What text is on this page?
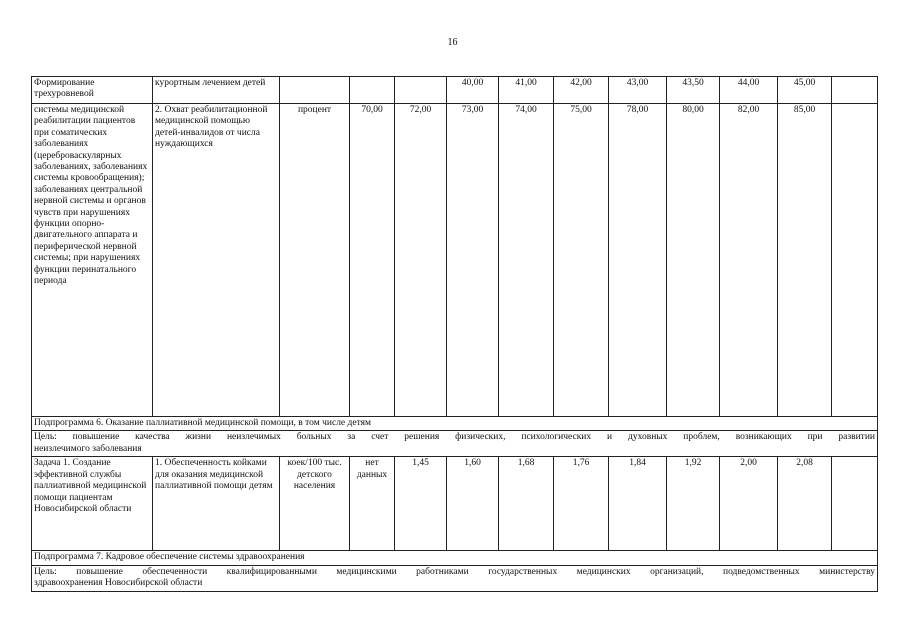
16
Формирование трехуровневой	курортным лечением детей				40,00	41,00	42,00	43,00	43,50	44,00	45,00	
системы медицинской реабилитации пациентов при соматических заболеваниях (цереброваскулярных заболеваниях, заболеваниях системы кровообращения); заболеваниях центральной нервной системы и органов чувств при нарушениях функции опорно-двигательного аппарата и периферической нервной системы; при нарушениях функции перинатального периода	2. Охват реабилитационной медицинской помощью детей-инвалидов от числа нуждающихся	процент	70,00	72,00	73,00	74,00	75,00	78,00	80,00	82,00	85,00	
Подпрограмма 6. Оказание паллиативной медицинской помощи, в том числе детям												

Цель: повышение качества жизни неизлечимых больных за счет решения физических, психологических и духовных проблем, возникающих при развитии
неизлечимого заболевания												
Задача 1. Создание эффективной службы паллиативной медицинской помощи пациентам Новосибирской области	1. Обеспеченность койками для оказания медицинской паллиативной помощи детям	коек/100 тыс. детского населения	нет данных	1,45	1,60	1,68	1,76	1,84	1,92	2,00	2,08	
Подпрограмма 7. Кадровое обеспечение системы здравоохранения												

Цель: повышение обеспеченности квалифицированными медицинскими работниками государственных медицинских организаций, подведомственных министерству
здравоохранения Новосибирской области												
